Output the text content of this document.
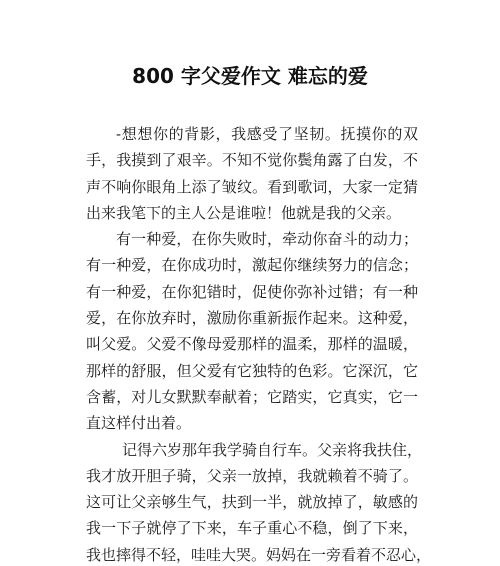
800 字父爱作文 难忘的爱
-想想你的背影，我感受了坚韧。抚摸你的双
手，我摸到了艰辛。不知不觉你鬓角露了白发，不
声不响你眼角上添了皱纹。看到歌词，大家一定猜
出来我笔下的主人公是谁啦！他就是我的父亲。
有一种爱，在你失败时，牵动你奋斗的动力；
有一种爱，在你成功时，激起你继续努力的信念；
有一种爱，在你犯错时，促使你弥补过错；有一种
爱，在你放弃时，激励你重新振作起来。这种爱，
叫父爱。父爱不像母爱那样的温柔，那样的温暖，
那样的舒服，但父爱有它独特的色彩。它深沉，它
含蓄，对儿女默默奉献着；它踏实，它真实，它一
直这样付出着。
记得六岁那年我学骑自行车。父亲将我扶住，
我才放开胆子骑，父亲一放掉，我就赖着不骑了。
这可让父亲够生气，扶到一半，就放掉了，敏感的
我一下子就停了下来，车子重心不稳，倒了下来，
我也摔得不轻，哇哇大哭。妈妈在一旁看着不忍心，
